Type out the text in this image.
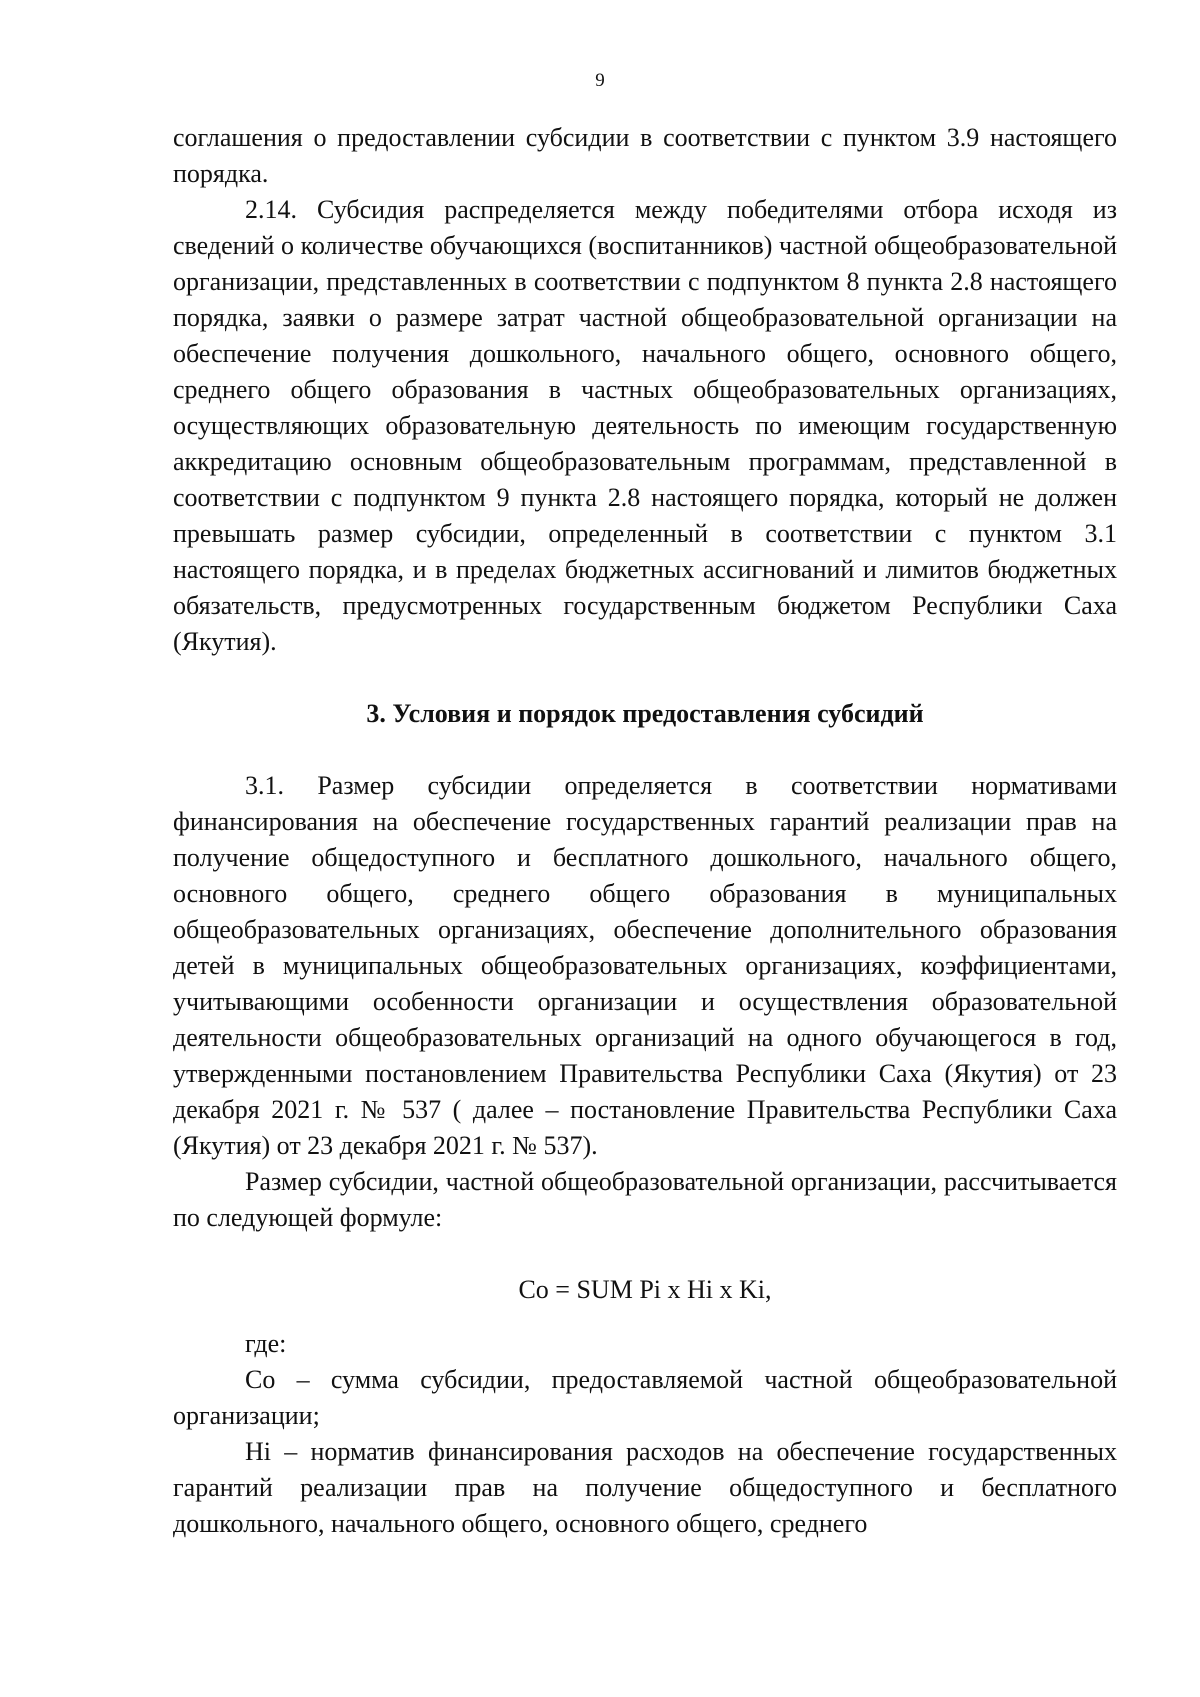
9

соглашения о предоставлении субсидии в соответствии с пунктом 3.9 настоящего порядка.

2.14. Субсидия распределяется между победителями отбора исходя из сведений о количестве обучающихся (воспитанников) частной общеобразовательной организации, представленных в соответствии с подпунктом 8 пункта 2.8 настоящего порядка, заявки о размере затрат частной общеобразовательной организации на обеспечение получения дошкольного, начального общего, основного общего, среднего общего образования в частных общеобразовательных организациях, осуществляющих образовательную деятельность по имеющим государственную аккредитацию основным общеобразовательным программам, представленной в соответствии с подпунктом 9 пункта 2.8 настоящего порядка, который не должен превышать размер субсидии, определенный в соответствии с пунктом 3.1 настоящего порядка, и в пределах бюджетных ассигнований и лимитов бюджетных обязательств, предусмотренных государственным бюджетом Республики Саха (Якутия).

3. Условия и порядок предоставления субсидий

3.1. Размер субсидии определяется в соответствии нормативами финансирования на обеспечение государственных гарантий реализации прав на получение общедоступного и бесплатного дошкольного, начального общего, основного общего, среднего общего образования в муниципальных общеобразовательных организациях, обеспечение дополнительного образования детей в муниципальных общеобразовательных организациях, коэффициентами, учитывающими особенности организации и осуществления образовательной деятельности общеобразовательных организаций на одного обучающегося в год, утвержденными постановлением Правительства Республики Саха (Якутия) от 23 декабря 2021 г. № 537 ( далее – постановление Правительства Республики Саха (Якутия) от 23 декабря 2021 г. № 537).

Размер субсидии, частной общеобразовательной организации, рассчитывается по следующей формуле:

Со = SUM Pi x Hi x Ki,

где:

Со – сумма субсидии, предоставляемой частной общеобразовательной организации;

Hi – норматив финансирования расходов на обеспечение государственных гарантий реализации прав на получение общедоступного и бесплатного дошкольного, начального общего, основного общего, среднего
